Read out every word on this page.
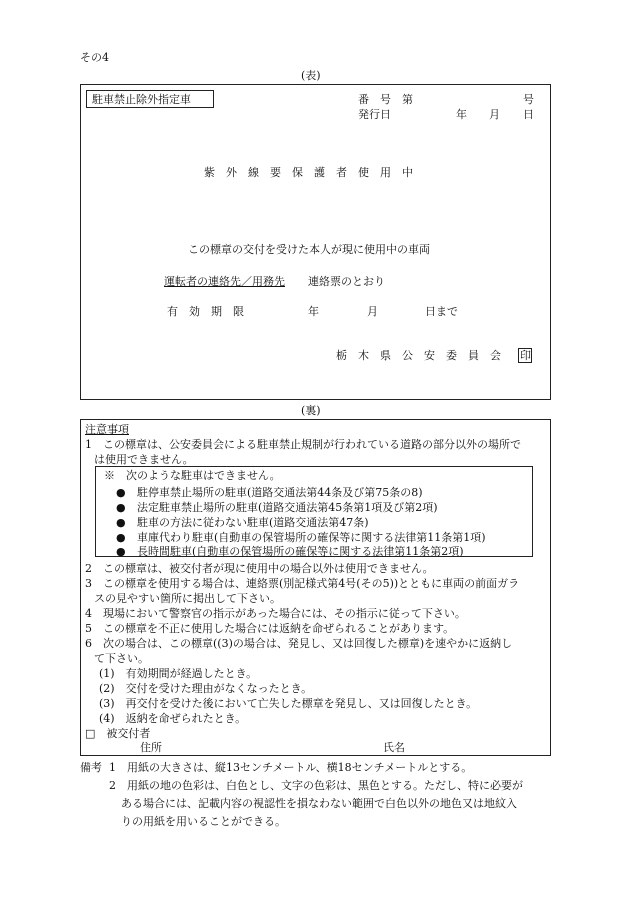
その4
(表)
駐車禁止除外指定車	番　号　第	号
発行日	年 月 日
紫　外　線　要　保　護　者　使　用　中
この標章の交付を受けた本人が現に使用中の車両
運転者の連絡先／用務先 連絡票のとおり
有　効　期　限	年	月	日まで
栃　木　県　公　安　委　員　会 印
(裏)
注意事項
1　この標章は、公安委員会による駐車禁止規制が行われている道路の部分以外の場所で
は使用できません。
※　次のような駐車はできません。
● 駐停車禁止場所の駐車(道路交通法第44条及び第75条の8)
● 法定駐車禁止場所の駐車(道路交通法第45条第1項及び第2項)
● 駐車の方法に従わない駐車(道路交通法第47条)
● 車庫代わり駐車(自動車の保管場所の確保等に関する法律第11条第1項)
● 長時間駐車(自動車の保管場所の確保等に関する法律第11条第2項)
2　この標章は、被交付者が現に使用中の場合以外は使用できません。
3　この標章を使用する場合は、連絡票(別記様式第4号(その5))とともに車両の前面ガラ
スの見やすい箇所に掲出して下さい。
4　現場において警察官の指示があった場合には、その指示に従って下さい。
5　この標章を不正に使用した場合には返納を命ぜられることがあります。
6　次の場合は、この標章((3)の場合は、発見し、又は回復した標章)を速やかに返納し
て下さい。
(1)　有効期間が経過したとき。
(2)　交付を受けた理由がなくなったとき。
(3)　再交付を受けた後において亡失した標章を発見し、又は回復したとき。
(4)　返納を命ぜられたとき。
□　被交付者
住所	氏名
備考 1　用紙の大きさは、縦13センチメートル、横18センチメートルとする。
2　用紙の地の色彩は、白色とし、文字の色彩は、黒色とする。ただし、特に必要が
ある場合には、記載内容の視認性を損なわない範囲で白色以外の地色又は地紋入
りの用紙を用いることができる。
